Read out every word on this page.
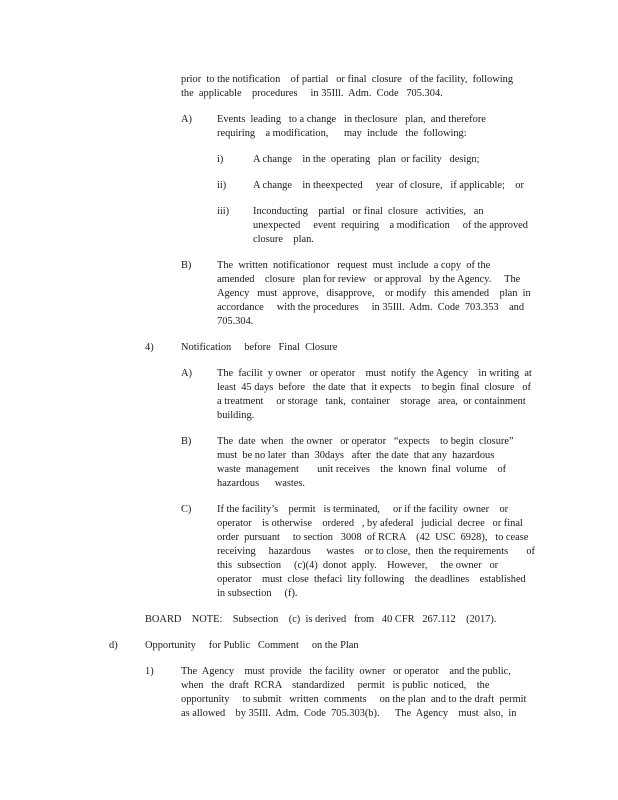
prior  to the notification    of partial   or final  closure   of the facility,  following

the  applicable    procedures     in 35Ill.  Adm.  Code   705.304.

A) Events  leading   to a change   in theclosure   plan,  and therefore

requiring    a modification,      may  include   the  following:

i)	A change    in the  operating   plan  or facility   design;

ii)	A change    in theexpected     year  of closure,   if applicable;    or

iii) Inconducting    partial   or final  closure   activities,   an

unexpected     event  requiring    a modification     of the approved

closure    plan.

B) The  written  notificationor   request  must  include  a copy  of the

amended    closure   plan for review   or approval   by the Agency.     The

Agency   must  approve,   disapprove,    or modify   this amended    plan  in

accordance     with the procedures     in 35Ill.  Adm.  Code  703.353    and

705.304.

4)	Notification     before   Final  Closure

A) The  facilit  y owner   or operator    must  notify  the Agency    in writing  at

least  45 days  before   the date  that  it expects    to begin  final  closure   of

a treatment     or storage   tank,  container    storage   area,  or containment

building.

B) The  date  when   the owner   or operator   “expects    to begin  closure”

must  be no later  than  30days   after  the date  that any  hazardous

waste  management       unit receives    the  known  final  volume    of

hazardous      wastes.

C) If the facility’s    permit   is terminated,     or if the facility  owner    or

operator    is otherwise    ordered   , by afederal   judicial  decree   or final

order  pursuant     to section   3008  of RCRA    (42  USC  6928),   to cease

receiving     hazardous      wastes    or to close,  then  the requirements       of

this  subsection     (c)(4)  donot  apply.    However,     the owner   or

operator    must  close  thefaci  lity following    the deadlines    established

in subsection     (f).

BOARD    NOTE:    Subsection    (c)  is derived   from   40 CFR   267.112    (2017).

d)	Opportunity     for Public   Comment     on the Plan

1)	The  Agency    must  provide   the facility  owner   or operator    and the public,

when   the  draft  RCRA    standardized     permit   is public  noticed,    the

opportunity     to submit   written  comments     on the plan  and to the draft  permit

as allowed    by 35Ill.  Adm.  Code  705.303(b).      The  Agency    must  also,  in
